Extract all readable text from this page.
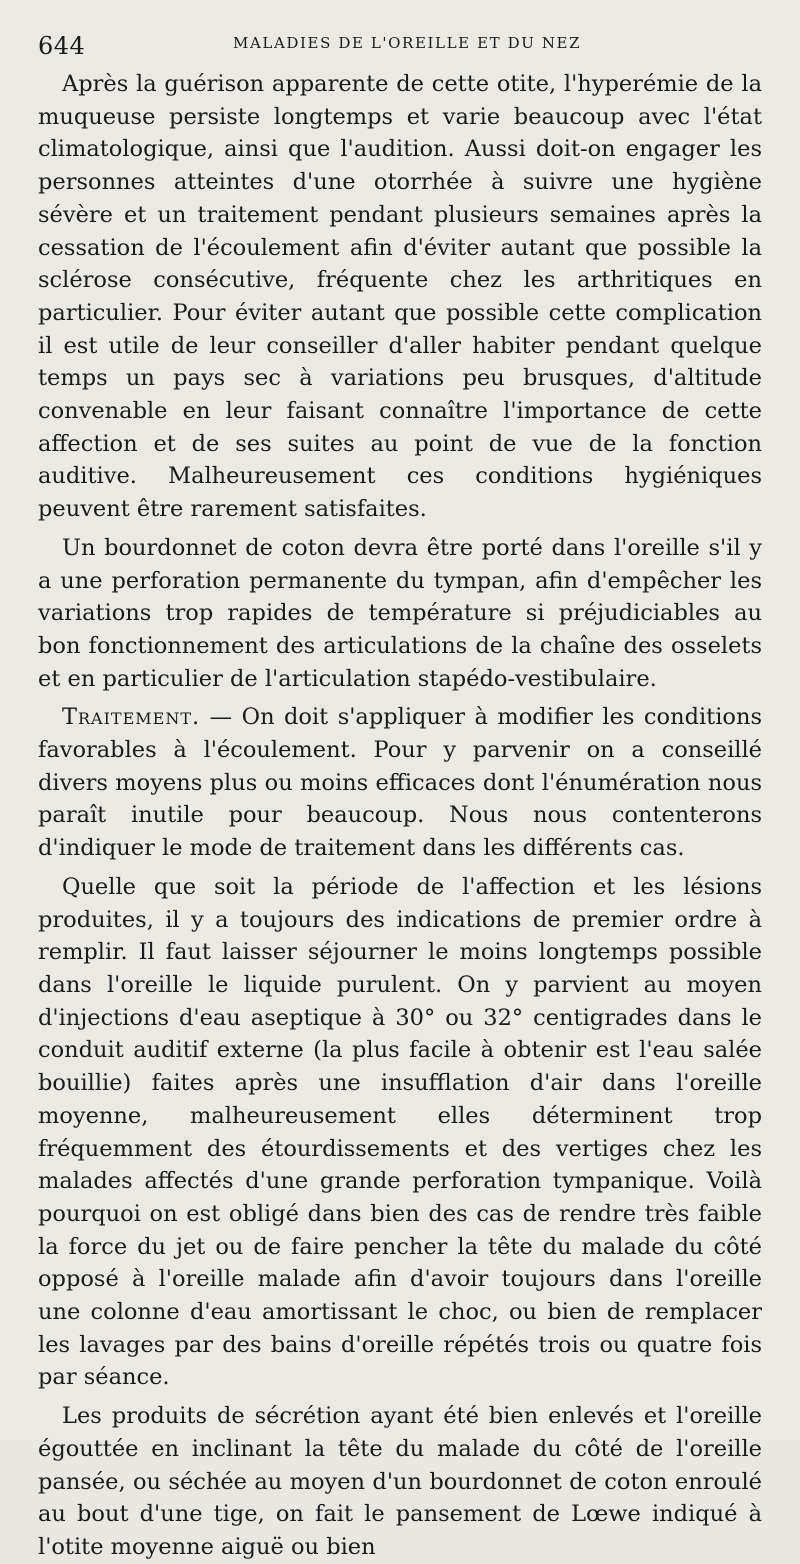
644	MALADIES DE L'OREILLE ET DU NEZ

Après la guérison apparente de cette otite, l'hyperémie de la muqueuse persiste longtemps et varie beaucoup avec l'état climatologique, ainsi que l'audition. Aussi doit-on engager les personnes atteintes d'une otorrhée à suivre une hygiène sévère et un traitement pendant plusieurs semaines après la cessation de l'écoulement afin d'éviter autant que possible la sclérose consécutive, fréquente chez les arthritiques en particulier. Pour éviter autant que possible cette complication il est utile de leur conseiller d'aller habiter pendant quelque temps un pays sec à variations peu brusques, d'altitude convenable en leur faisant connaître l'importance de cette affection et de ses suites au point de vue de la fonction auditive. Malheureusement ces conditions hygiéniques peuvent être rarement satisfaites.

Un bourdonnet de coton devra être porté dans l'oreille s'il y a une perforation permanente du tympan, afin d'empêcher les variations trop rapides de température si préjudiciables au bon fonctionnement des articulations de la chaîne des osselets et en particulier de l'articulation stapédo-vestibulaire.

Traitement. — On doit s'appliquer à modifier les conditions favorables à l'écoulement. Pour y parvenir on a conseillé divers moyens plus ou moins efficaces dont l'énumération nous paraît inutile pour beaucoup. Nous nous contenterons d'indiquer le mode de traitement dans les différents cas.

Quelle que soit la période de l'affection et les lésions produites, il y a toujours des indications de premier ordre à remplir. Il faut laisser séjourner le moins longtemps possible dans l'oreille le liquide purulent. On y parvient au moyen d'injections d'eau aseptique à 30° ou 32° centigrades dans le conduit auditif externe (la plus facile à obtenir est l'eau salée bouillie) faites après une insufflation d'air dans l'oreille moyenne, malheureusement elles déterminent trop fréquemment des étourdissements et des vertiges chez les malades affectés d'une grande perforation tympanique. Voilà pourquoi on est obligé dans bien des cas de rendre très faible la force du jet ou de faire pencher la tête du malade du côté opposé à l'oreille malade afin d'avoir toujours dans l'oreille une colonne d'eau amortissant le choc, ou bien de remplacer les lavages par des bains d'oreille répétés trois ou quatre fois par séance.

Les produits de sécrétion ayant été bien enlevés et l'oreille égouttée en inclinant la tête du malade du côté de l'oreille pansée, ou séchée au moyen d'un bourdonnet de coton enroulé au bout d'une tige, on fait le pansement de Lœwe indiqué à l'otite moyenne aiguë ou bien
